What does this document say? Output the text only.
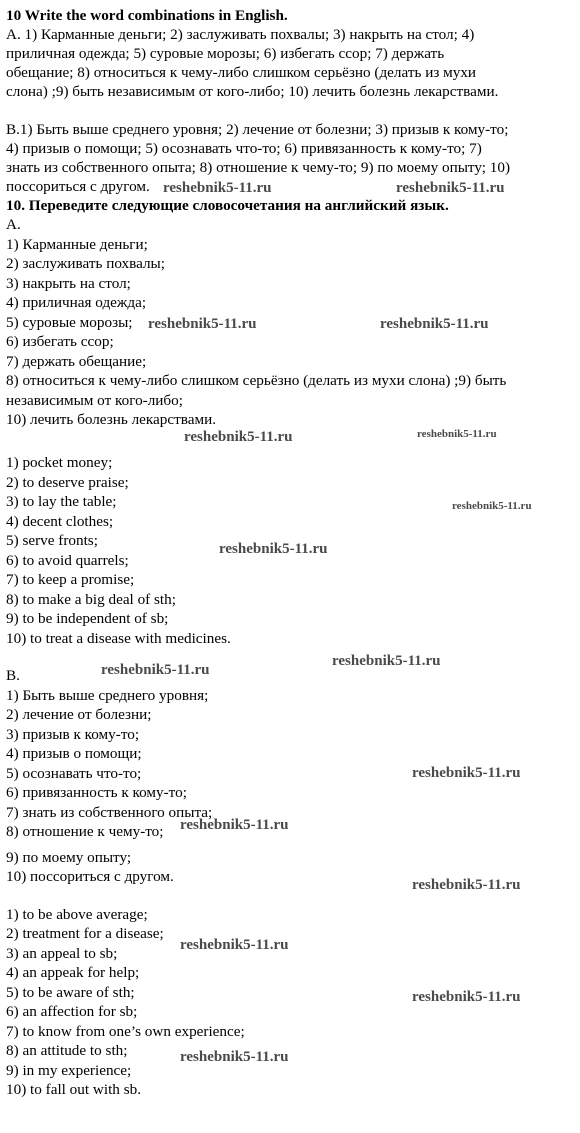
10 Write the word combinations in English.
А. 1) Карманные деньги; 2) заслуживать похвалы; 3) накрыть на стол; 4)
приличная одежда; 5) суровые морозы; 6) избегать ссор; 7) держать
обещание; 8) относиться к чему-либо слишком серьёзно (делать из мухи
слона) ;9) быть независимым от кого-либо; 10) лечить болезнь лекарствами.
В.1) Быть выше среднего уровня; 2) лечение от болезни; 3) призыв к кому-то;
4) призыв о помощи; 5) осознавать что-то; 6) привязанность к кому-то; 7)
знать из собственного опыта; 8) отношение к чему-то; 9) по моему опыту; 10)
поссориться с другом.
10. Переведите следующие словосочетания на английский язык.
А.
1) Карманные деньги;
2) заслуживать похвалы;
3) накрыть на стол;
4) приличная одежда;
5) суровые морозы;
6) избегать ссор;
7) держать обещание;
8) относиться к чему-либо слишком серьёзно (делать из мухи слона) ;9) быть
независимым от кого-либо;
10) лечить болезнь лекарствами.
1) pocket money;
2) to deserve praise;
3) to lay the table;
4) decent clothes;
5) serve fronts;
6) to avoid quarrels;
7) to keep a promise;
8) to make a big deal of sth;
9) to be independent of sb;
10) to treat a disease with medicines.
В.
1) Быть выше среднего уровня;
2) лечение от болезни;
3) призыв к кому-то;
4) призыв о помощи;
5) осознавать что-то;
6) привязанность к кому-то;
7) знать из собственного опыта;
8) отношение к чему-то;
9) по моему опыту;
10) поссориться с другом.
1) to be above average;
2) treatment for a disease;
3) an appeal to sb;
4) an appeak for help;
5) to be aware of sth;
6) an affection for sb;
7) to know from one’s own experience;
8) an attitude to sth;
9) in my experience;
10) to fall out with sb.
reshebnik5-11.ru	reshebnik5-11.ru
reshebnik5-11.ru	reshebnik5-11.ru
reshebnik5-11.ru	reshebnik5-11.ru
reshebnik5-11.ru
reshebnik5-11.ru
reshebnik5-11.ru
reshebnik5-11.ru
reshebnik5-11.ru
reshebnik5-11.ru
reshebnik5-11.ru
reshebnik5-11.ru
reshebnik5-11.ru
reshebnik5-11.ru
